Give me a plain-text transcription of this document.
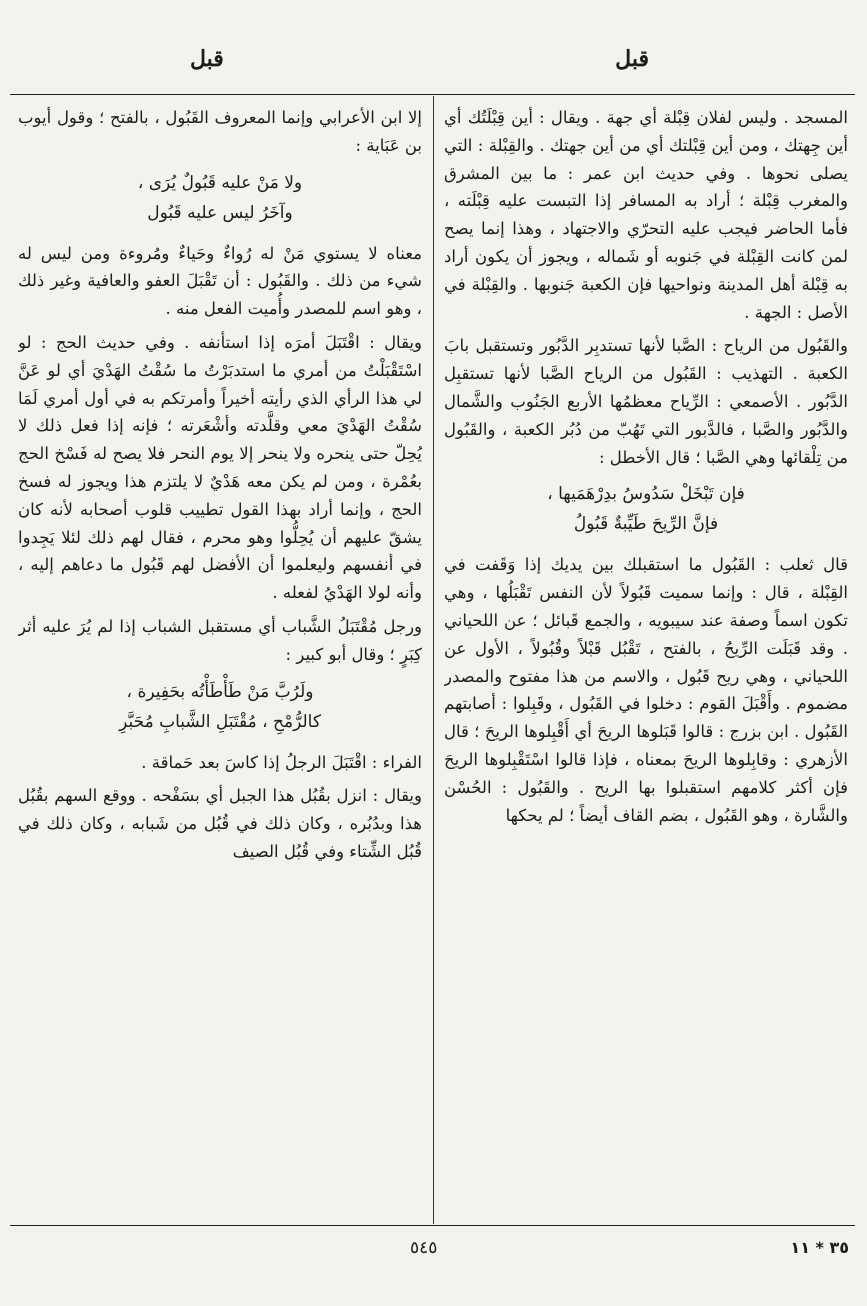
قبل
قبل

المسجد . وليس لفلان قِبْلة أي جهة . ويقال : أين قِبْلَتُك أي أين جِهتك ، ومن أين قِبْلتك أي من أين جهتك . والقِبْلة : التي يصلى نحوها . وفي حديث ابن عمر : ما بين المشرق والمغرب قِبْلة ؛ أراد به المسافر إذا التبست عليه قِبْلَته ، فأما الحاضر فيجب عليه التحرّي والاجتهاد ، وهذا إنما يصح لمن كانت القِبْلة في جَنوبه أو شَماله ، ويجوز أن يكون أراد به قِبْلة أهل المدينة ونواحيها فإن الكعبة جَنوبها . والقِبْلة في الأصل : الجهة .

والقَبُول من الرياح : الصَّبا لأنها تستدبِر الدَّبُور وتستقبل بابَ الكعبة . التهذيب : القَبُول من الرياح الصَّبا لأنها تستقبِل الدَّبُور . الأصمعي : الرِّياح معظمُها الأربع الجَنُوب والشَّمال والدَّبُور والصَّبا ، فالدَّبور التي تَهُبّ من دُبُر الكعبة ، والقَبُول من تِلْقائها وهي الصَّبا ؛ قال الأخطل :

فإن تَبْخَلْ سَدُوسُ بدِرْهَمَيها ،
فإنَّ الرِّيحَ طَيِّبةٌ قَبُولُ

قال ثعلب : القَبُول ما استقبلك بين يديك إذا وَقَفت في القِبْلة ، قال : وإنما سميت قَبُولاً لأن النفس تَقْبَلُها ، وهي تكون اسماً وصفة عند سيبويه ، والجمع قَبائل ؛ عن اللحياني . وقد قَبَلَت الرِّيحُ ، بالفتح ، تَقْبُل قَبْلاً وقُبُولاً ، الأول عن اللحياني ، وهي ريح قَبُول ، والاسم من هذا مفتوح والمصدر مضموم . وأَقْبَلَ القوم : دخلوا في القَبُول ، وقَبِلوا : أصابتهم القَبُول . ابن بزرج : قالوا قَبَلوها الريحَ أي أَقْبِلوها الريحَ ؛ قال الأزهري : وقابِلوها الريحَ بمعناه ، فإذا قالوا اسْتَقْبِلوها الريحَ فإن أكثر كلامهم استقبلوا بها الريح . والقَبُول : الحُسْن والشَّارة ، وهو القَبُول ، بضم القاف أيضاً ؛ لم يحكها

إلا ابن الأعرابي وإنما المعروف القَبُول ، بالفتح ؛ وقول أيوب بن عَبَاية :

ولا مَنْ عليه قَبُولٌ يُرَى ،
وآخَرُ ليس عليه قَبُول

معناه لا يستوي مَنْ له رُواءٌ وحَياءٌ ومُروءة ومن ليس له شيء من ذلك . والقَبُول : أن تَقْبَلَ العفو والعافية وغير ذلك ، وهو اسم للمصدر وأُميت الفعل منه .

ويقال : اقْتَبَلَ أمرَه إذا استأنفه . وفي حديث الحج : لو اسْتَقْبَلْتُ من أمري ما استدبَرْتُ ما سُقْتُ الهَدْيَ أي لو عَنَّ لي هذا الرأي الذي رأيته أخيراً وأمرتكم به في أول أمري لَمَا سُقْتُ الهَدْيَ معي وقلَّدته وأشْعَرته ؛ فإنه إذا فعل ذلك لا يُحِلّ حتى ينحره ولا ينحر إلا يوم النحر فلا يصح له فَسْخ الحج بعُمْرة ، ومن لم يكن معه هَدْيٌ لا يلتزم هذا ويجوز له فسخ الحج ، وإنما أراد بهذا القول تطييب قلوب أصحابه لأنه كان يشقّ عليهم أن يُحِلُّوا وهو محرم ، فقال لهم ذلك لئلا يَجِدوا في أنفسهم وليعلموا أن الأفضل لهم قَبُول ما دعاهم إليه ، وأنه لولا الهَدْيُ لفعله .

ورجل مُقْتَبَلُ الشَّباب أي مستقبل الشباب إذا لم يُرَ عليه أثر كِبَرٍ ؛ وقال أبو كبير :

ولَرُبَّ مَنْ طَأْطَأْتُه بحَفِيرة ،
كالرُّمْحِ ، مُقْتَبَلِ الشَّبابِ مُحَبَّرِ

الفراء : اقْتَبَلَ الرجلُ إذا كاسَ بعد حَماقة .

ويقال : انزل بقُبُل هذا الجبل أي بسَفْحه . ووقع السهم بقُبُل هذا وبدُبُره ، وكان ذلك في قُبُل من شَبابه ، وكان ذلك في قُبُل الشِّتاء وفي قُبُل الصيف

٥٤٥	٣٥ * ١١
